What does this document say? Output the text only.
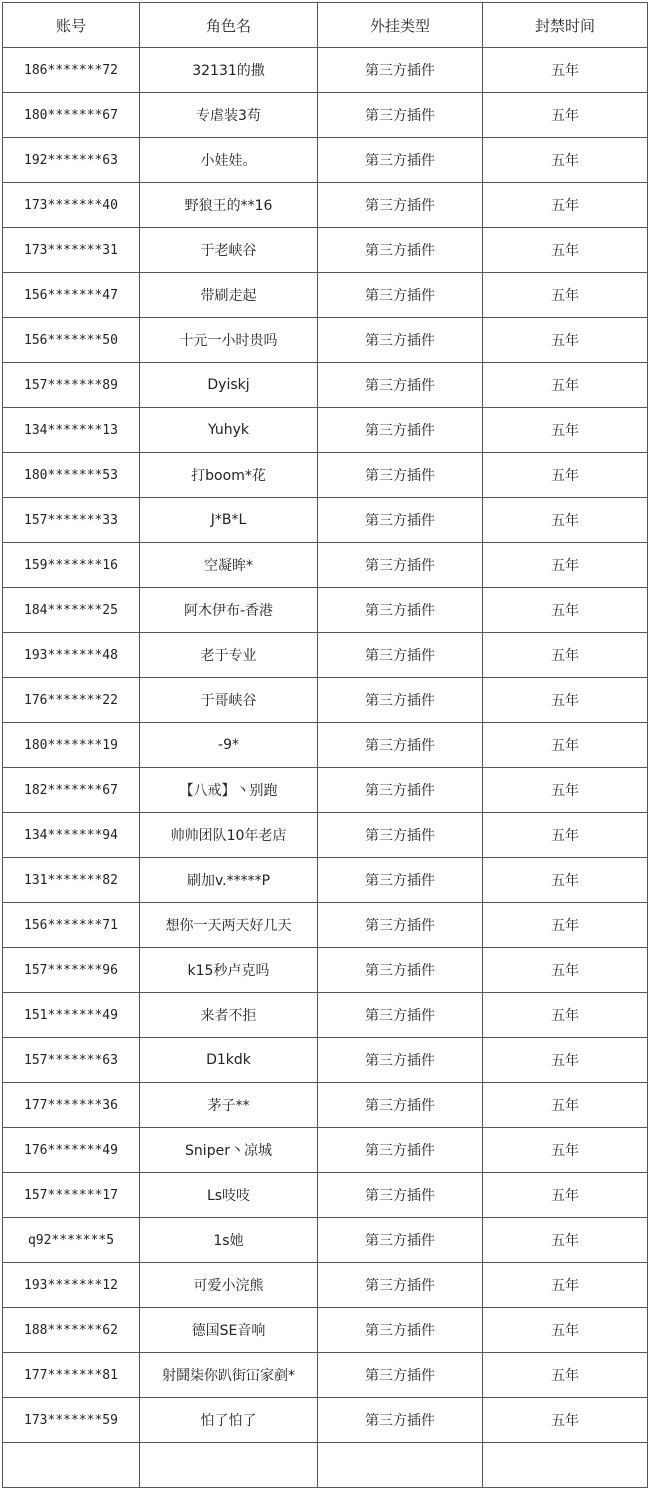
账号	角色名	外挂类型	封禁时间
186*******72	32131的撒	第三方插件	五年
180*******67	专虐装3苟	第三方插件	五年
192*******63	小娃娃。	第三方插件	五年
173*******40	野狼王的**16	第三方插件	五年
173*******31	于老峡谷	第三方插件	五年
156*******47	带刷走起	第三方插件	五年
156*******50	十元一小时贵吗	第三方插件	五年
157*******89	Dyiskj	第三方插件	五年
134*******13	Yuhyk	第三方插件	五年
180*******53	打boom*花	第三方插件	五年
157*******33	J*B*L	第三方插件	五年
159*******16	空凝眸*	第三方插件	五年
184*******25	阿木伊布-香港	第三方插件	五年
193*******48	老于专业	第三方插件	五年
176*******22	于哥峡谷	第三方插件	五年
180*******19	-9*	第三方插件	五年
182*******67	【八戒】丶别跑	第三方插件	五年
134*******94	帅帅团队10年老店	第三方插件	五年
131*******82	刷加v.*****P	第三方插件	五年
156*******71	想你一天两天好几天	第三方插件	五年
157*******96	k15秒卢克吗	第三方插件	五年
151*******49	来者不拒	第三方插件	五年
157*******63	D1kdk	第三方插件	五年
177*******36	茅子**	第三方插件	五年
176*******49	Sniper丶凉城	第三方插件	五年
157*******17	Ls吱吱	第三方插件	五年
q92*******5	1s她	第三方插件	五年
193*******12	可爱小浣熊	第三方插件	五年
188*******62	德国SE音响	第三方插件	五年
177*******81	射鬪柒你趴街冚家剷*	第三方插件	五年
173*******59	怕了怕了	第三方插件	五年
